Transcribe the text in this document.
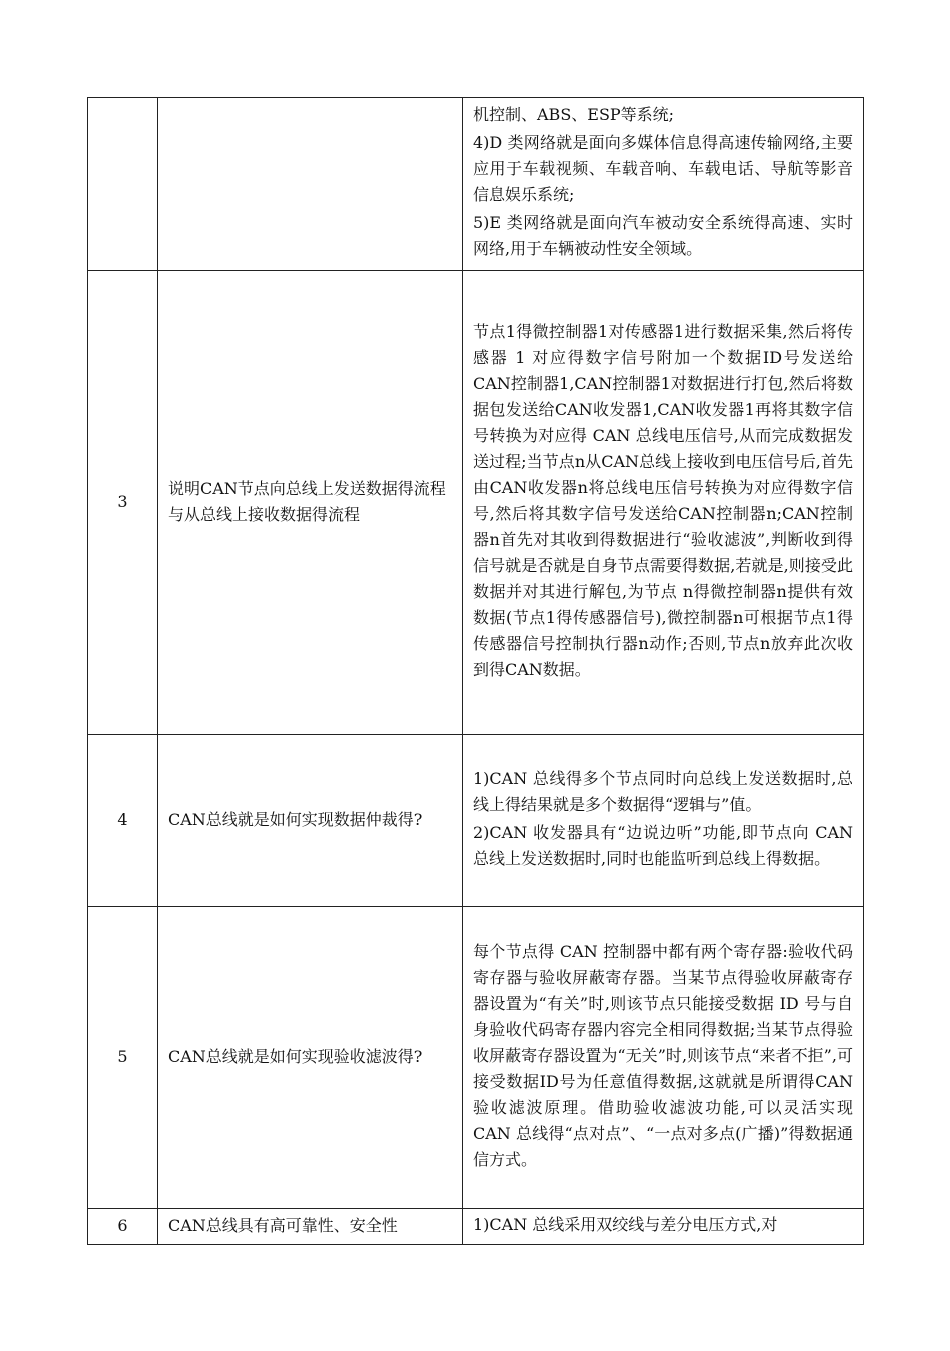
		机控制、ABS、ESP等系统;

4)D 类网络就是面向多媒体信息得高速传输网络,主要应用于车载视频、车载音响、车载电话、导航等影音信息娱乐系统;

5)E 类网络就是面向汽车被动安全系统得高速、实时网络,用于车辆被动性安全领域。

3	说明CAN节点向总线上发送数据得流程与从总线上接收数据得流程	节点1得微控制器1对传感器1进行数据采集,然后将传感器 1 对应得数字信号附加一个数据ID号发送给CAN控制器1,CAN控制器1对数据进行打包,然后将数据包发送给CAN收发器1,CAN收发器1再将其数字信号转换为对应得 CAN 总线电压信号,从而完成数据发送过程;当节点n从CAN总线上接收到电压信号后,首先由CAN收发器n将总线电压信号转换为对应得数字信号,然后将其数字信号发送给CAN控制器n;CAN控制器n首先对其收到得数据进行“验收滤波”,判断收到得信号就是否就是自身节点需要得数据,若就是,则接受此数据并对其进行解包,为节点 n得微控制器n提供有效数据(节点1得传感器信号),微控制器n可根据节点1得传感器信号控制执行器n动作;否则,节点n放弃此次收到得CAN数据。

4	CAN总线就是如何实现数据仲裁得?	1)CAN 总线得多个节点同时向总线上发送数据时,总线上得结果就是多个数据得“逻辑与”值。

2)CAN 收发器具有“边说边听”功能,即节点向 CAN 总线上发送数据时,同时也能监听到总线上得数据。

5	CAN总线就是如何实现验收滤波得?	每个节点得 CAN 控制器中都有两个寄存器:验收代码寄存器与验收屏蔽寄存器。当某节点得验收屏蔽寄存器设置为“有关”时,则该节点只能接受数据 ID 号与自身验收代码寄存器内容完全相同得数据;当某节点得验收屏蔽寄存器设置为“无关”时,则该节点“来者不拒”,可接受数据ID号为任意值得数据,这就就是所谓得CAN验收滤波原理。借助验收滤波功能,可以灵活实现 CAN 总线得“点对点”、“一点对多点(广播)”得数据通信方式。

6	CAN总线具有高可靠性、安全性	1)CAN 总线采用双绞线与差分电压方式,对
